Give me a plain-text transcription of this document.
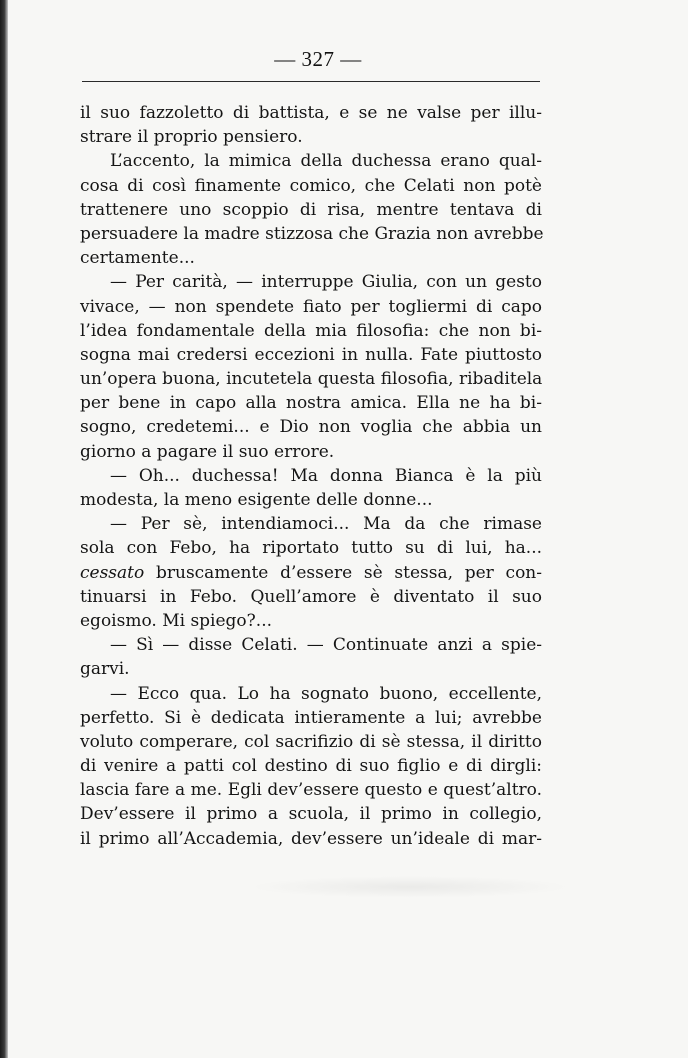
— 327 —
il suo fazzoletto di battista, e se ne valse per illu-
strare il proprio pensiero.
L’accento, la mimica della duchessa erano qual-
cosa di così finamente comico, che Celati non potè
trattenere uno scoppio di risa, mentre tentava di
persuadere la madre stizzosa che Grazia non avrebbe
certamente...
— Per carità, — interruppe Giulia, con un gesto
vivace, — non spendete fiato per togliermi di capo
l’idea fondamentale della mia filosofia: che non bi-
sogna mai credersi eccezioni in nulla. Fate piuttosto
un’opera buona, incutetela questa filosofia, ribaditela
per bene in capo alla nostra amica. Ella ne ha bi-
sogno, credetemi... e Dio non voglia che abbia un
giorno a pagare il suo errore.
— Oh... duchessa! Ma donna Bianca è la più
modesta, la meno esigente delle donne...
— Per sè, intendiamoci... Ma da che rimase
sola con Febo, ha riportato tutto su di lui, ha...
cessato bruscamente d’essere sè stessa, per con-
tinuarsi in Febo. Quell’amore è diventato il suo
egoismo. Mi spiego?...
— Sì — disse Celati. — Continuate anzi a spie-
garvi.
— Ecco qua. Lo ha sognato buono, eccellente,
perfetto. Si è dedicata intieramente a lui; avrebbe
voluto comperare, col sacrifizio di sè stessa, il diritto
di venire a patti col destino di suo figlio e di dirgli:
lascia fare a me. Egli dev’essere questo e quest’altro.
Dev’essere il primo a scuola, il primo in collegio,
il primo all’Accademia, dev’essere un’ideale di mar-
